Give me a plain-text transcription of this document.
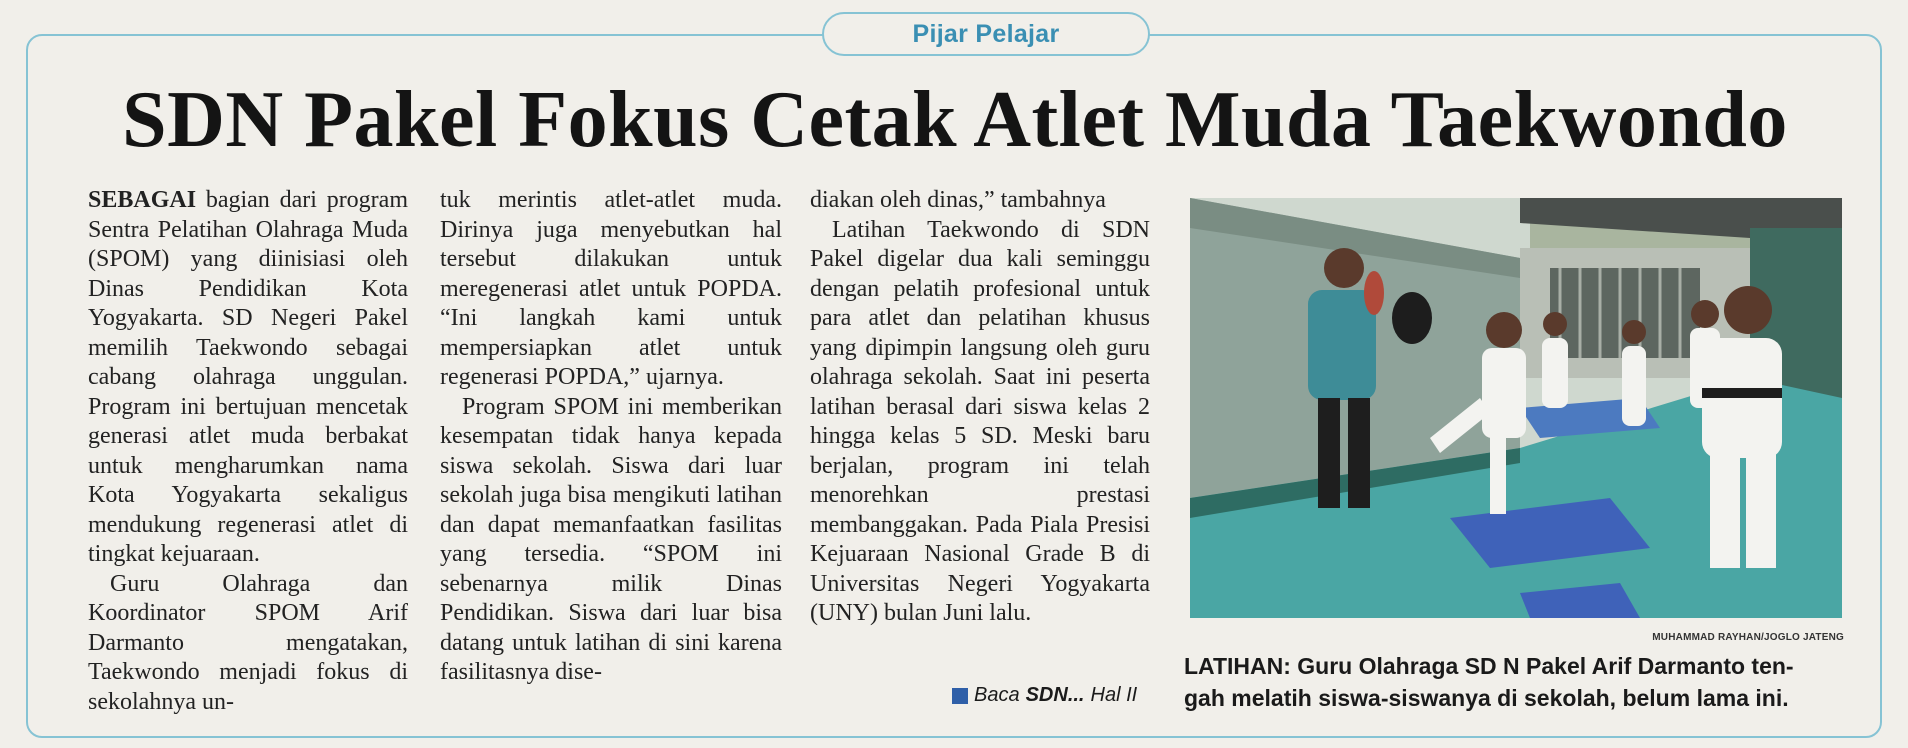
Pijar Pelajar
SDN Pakel Fokus Cetak Atlet Muda Taekwondo

SEBAGAI bagian dari program Sentra Pelatihan Olahraga Muda (SPOM) yang diinisiasi oleh Dinas Pendidikan Kota Yogyakarta. SD Negeri Pakel memilih Taekwondo sebagai cabang olahraga unggulan. Program ini bertujuan mencetak generasi atlet muda berbakat untuk mengharumkan nama Kota Yogyakarta sekaligus mendukung regenerasi atlet di tingkat kejuaraan.

Guru Olahraga dan Koordinator SPOM Arif Darmanto mengatakan, Taekwondo menjadi fokus di sekolahnya un-

tuk merintis atlet-atlet muda. Dirinya juga menyebutkan hal tersebut dilakukan untuk meregenerasi atlet untuk POPDA. “Ini langkah kami untuk mempersiapkan atlet untuk regenerasi POPDA,” ujarnya.

Program SPOM ini memberikan kesempatan tidak hanya kepada siswa sekolah. Siswa dari luar sekolah juga bisa mengikuti latihan dan dapat memanfaatkan fasilitas yang tersedia. “SPOM ini sebenarnya milik Dinas Pendidikan. Siswa dari luar bisa datang untuk latihan di sini karena fasilitasnya dise-

diakan oleh dinas,” tambahnya

Latihan Taekwondo di SDN Pakel digelar dua kali seminggu dengan pelatih profesional untuk para atlet dan pelatihan khusus yang dipimpin langsung oleh guru olahraga sekolah. Saat ini peserta latihan berasal dari siswa kelas 2 hingga kelas 5 SD. Meski baru berjalan, program ini telah menorehkan prestasi membanggakan. Pada Piala Presisi Kejuaraan Nasional Grade B di Universitas Negeri Yogyakarta (UNY) bulan Juni lalu.

Baca SDN... Hal II
MUHAMMAD RAYHAN/JOGLO JATENG
LATIHAN: Guru Olahraga SD N Pakel Arif Darmanto ten-
gah melatih siswa-siswanya di sekolah, belum lama ini.
